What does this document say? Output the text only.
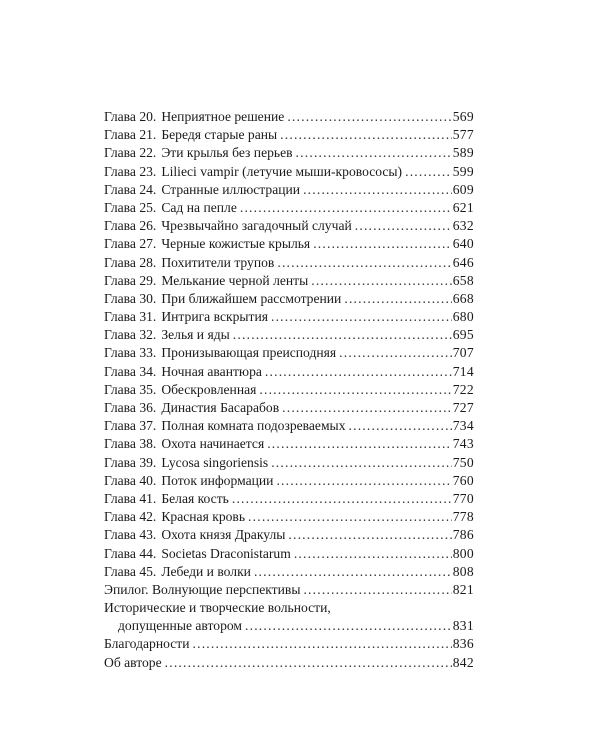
Глава 20. Неприятное решение .....	569
Глава 21. Бередя старые раны .....	577
Глава 22. Эти крылья без перьев .....	589
Глава 23. Lilieci vampir (летучие мыши-кровососы) .....	599
Глава 24. Странные иллюстрации .....	609
Глава 25. Сад на пепле .....	621
Глава 26. Чрезвычайно загадочный случай .....	632
Глава 27. Черные кожистые крылья .....	640
Глава 28. Похитители трупов .....	646
Глава 29. Мелькание черной ленты .....	658
Глава 30. При ближайшем рассмотрении .....	668
Глава 31. Интрига вскрытия .....	680
Глава 32. Зелья и яды .....	695
Глава 33. Пронизывающая преисподняя .....	707
Глава 34. Ночная авантюра .....	714
Глава 35. Обескровленная .....	722
Глава 36. Династия Басарабов .....	727
Глава 37. Полная комната подозреваемых .....	734
Глава 38. Охота начинается .....	743
Глава 39. Lycosa singoriensis .....	750
Глава 40. Поток информации .....	760
Глава 41. Белая кость .....	770
Глава 42. Красная кровь .....	778
Глава 43. Охота князя Дракулы .....	786
Глава 44. Societas Draconistarum .....	800
Глава 45. Лебеди и волки .....	808
Эпилог. Волнующие перспективы .....	821
Исторические и творческие вольности,
допущенные автором .....	831
Благодарности .....	836
Об авторе .....	842
